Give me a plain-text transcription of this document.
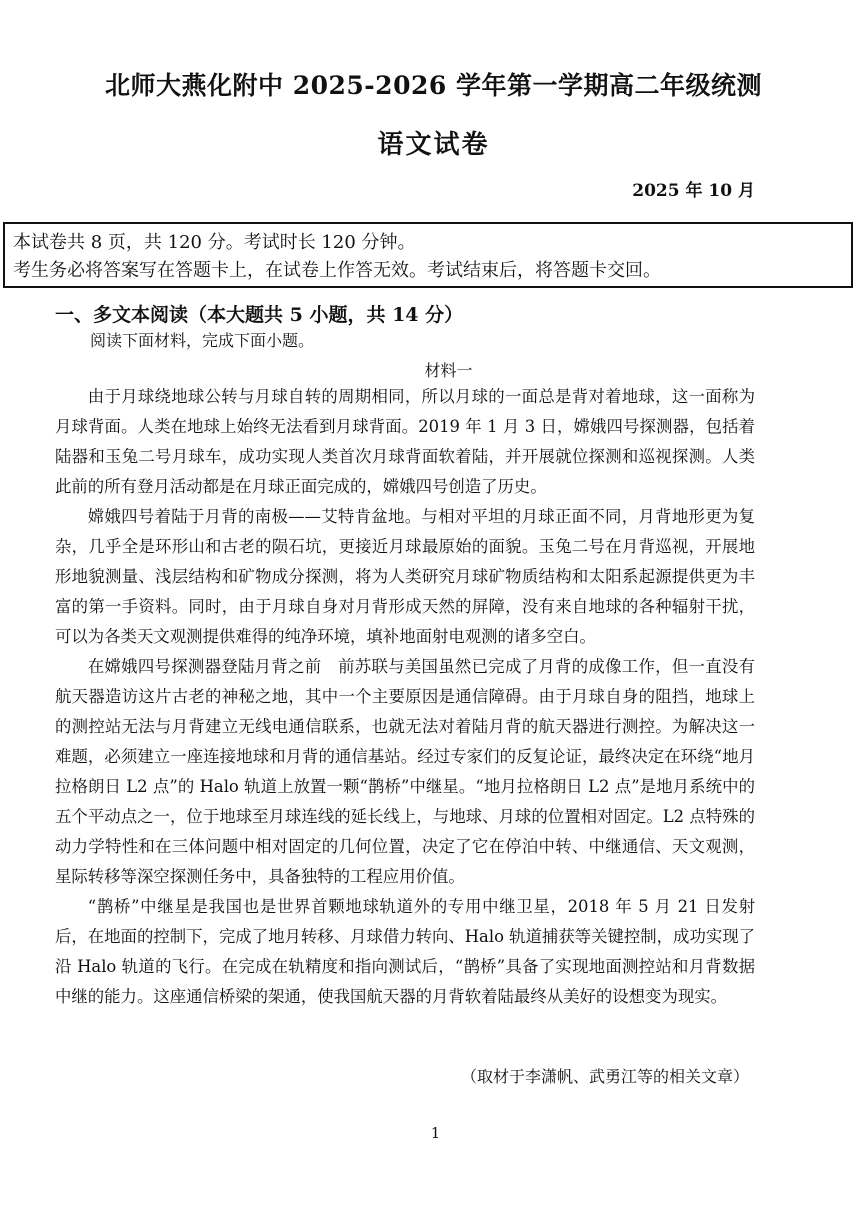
北师大燕化附中 2025-2026 学年第一学期高二年级统测
语文试卷
2025 年 10 月
本试卷共 8 页，共 120 分。考试时长 120 分钟。
考生务必将答案写在答题卡上，在试卷上作答无效。考试结束后，将答题卡交回。
一、多文本阅读（本大题共 5 小题，共 14 分）
阅读下面材料，完成下面小题。
材料一

由于月球绕地球公转与月球自转的周期相同，所以月球的一面总是背对着地球，这一面称为月球背面。人类在地球上始终无法看到月球背面。2019 年 1 月 3 日，嫦娥四号探测器，包括着陆器和玉兔二号月球车，成功实现人类首次月球背面软着陆，并开展就位探测和巡视探测。人类此前的所有登月活动都是在月球正面完成的，嫦娥四号创造了历史。

嫦娥四号着陆于月背的南极——艾特肯盆地。与相对平坦的月球正面不同，月背地形更为复杂，几乎全是环形山和古老的陨石坑，更接近月球最原始的面貌。玉兔二号在月背巡视，开展地形地貌测量、浅层结构和矿物成分探测，将为人类研究月球矿物质结构和太阳系起源提供更为丰富的第一手资料。同时，由于月球自身对月背形成天然的屏障，没有来自地球的各种辐射干扰，可以为各类天文观测提供难得的纯净环境，填补地面射电观测的诸多空白。

在嫦娥四号探测器登陆月背之前　前苏联与美国虽然已完成了月背的成像工作，但一直没有航天器造访这片古老的神秘之地，其中一个主要原因是通信障碍。由于月球自身的阻挡，地球上的测控站无法与月背建立无线电通信联系，也就无法对着陆月背的航天器进行测控。为解决这一难题，必须建立一座连接地球和月背的通信基站。经过专家们的反复论证，最终决定在环绕“地月拉格朗日 L2 点”的 Halo 轨道上放置一颗“鹊桥”中继星。“地月拉格朗日 L2 点”是地月系统中的五个平动点之一，位于地球至月球连线的延长线上，与地球、月球的位置相对固定。L2 点特殊的动力学特性和在三体问题中相对固定的几何位置，决定了它在停泊中转、中继通信、天文观测，星际转移等深空探测任务中，具备独特的工程应用价值。

“鹊桥”中继星是我国也是世界首颗地球轨道外的专用中继卫星，2018 年 5 月 21 日发射后，在地面的控制下，完成了地月转移、月球借力转向、Halo 轨道捕获等关键控制，成功实现了沿 Halo 轨道的飞行。在完成在轨精度和指向测试后，“鹊桥”具备了实现地面测控站和月背数据中继的能力。这座通信桥梁的架通，使我国航天器的月背软着陆最终从美好的设想变为现实。

（取材于李潇帆、武勇江等的相关文章）
1
